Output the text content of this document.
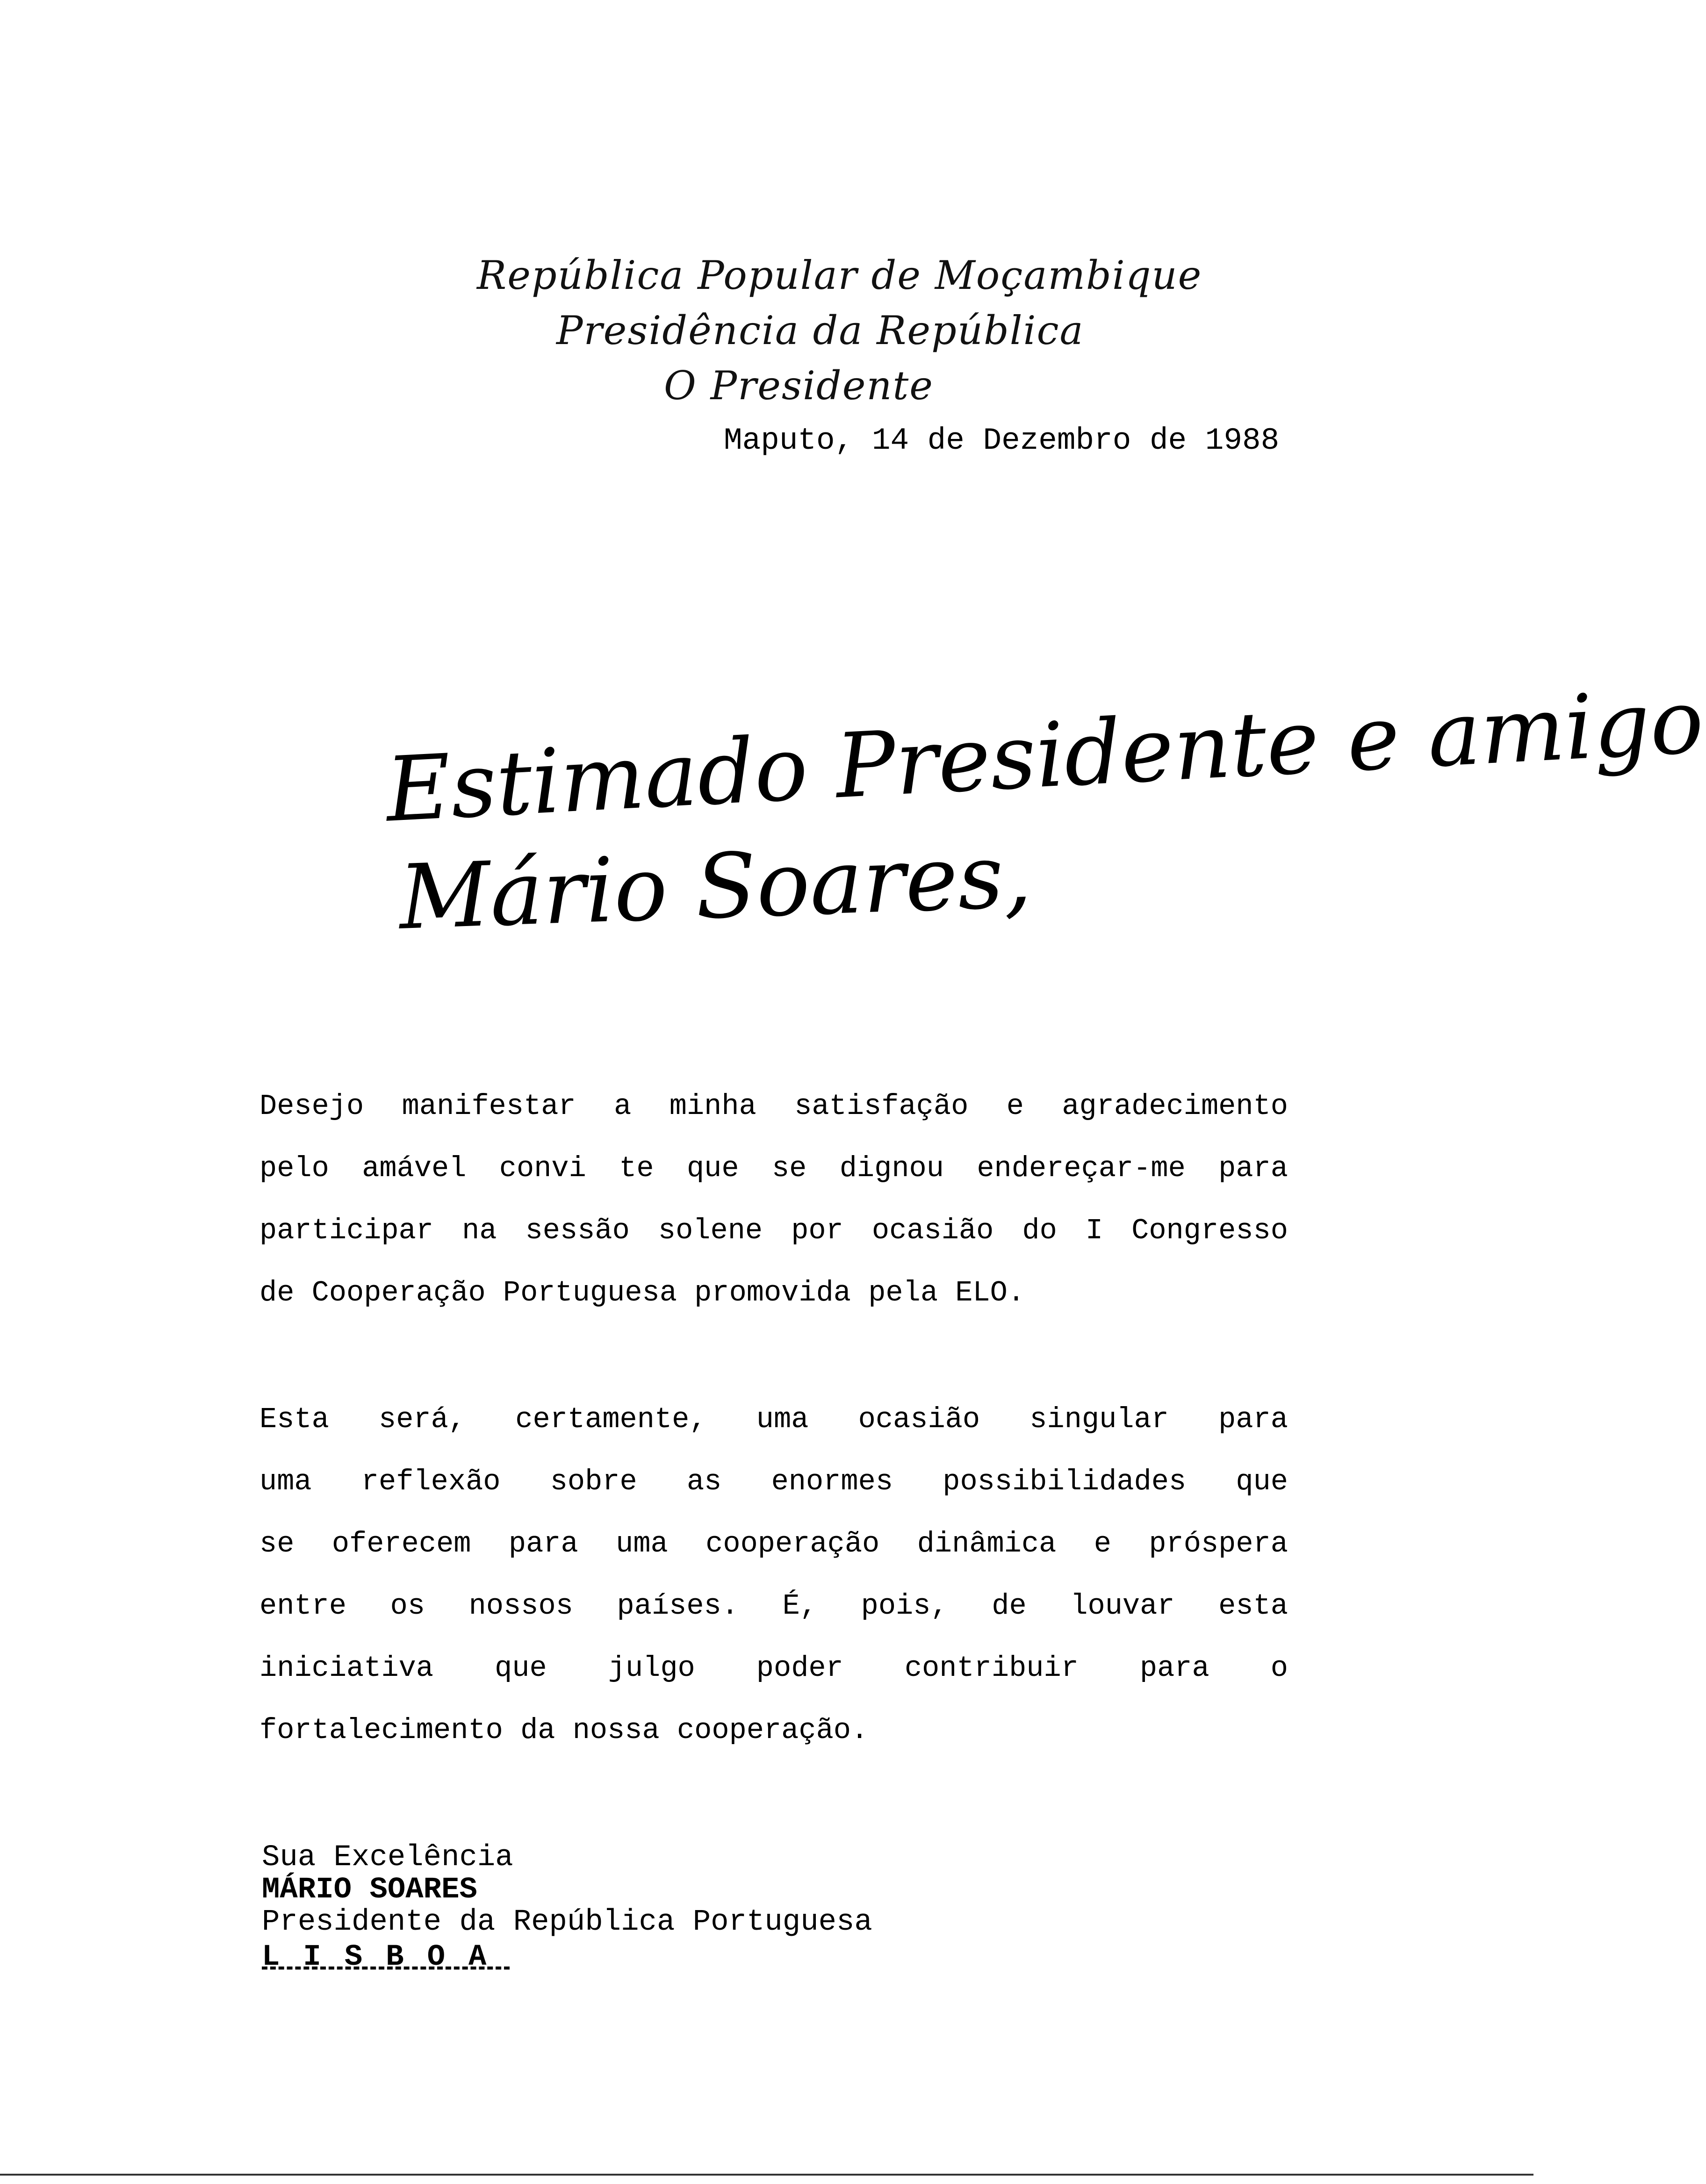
República Popular de Moçambique
Presidência da República
O Presidente
Maputo, 14 de Dezembro de 1988
Estimado Presidente e amigo
Mário Soares,
Desejo manifestar a minha satisfação e agradecimento
pelo amável convi te que se dignou endereçar-me para
participar na sessão solene por ocasião do I Congresso
de Cooperação Portuguesa promovida pela ELO.
Esta será, certamente, uma ocasião singular para
uma reflexão sobre as enormes possibilidades que
se oferecem para uma cooperação dinâmica e próspera
entre os nossos países. É, pois, de louvar esta
iniciativa que julgo poder contribuir para o
fortalecimento da nossa cooperação.
Sua Excelência
MÁRIO SOARES
Presidente da República Portuguesa
LISBOA
